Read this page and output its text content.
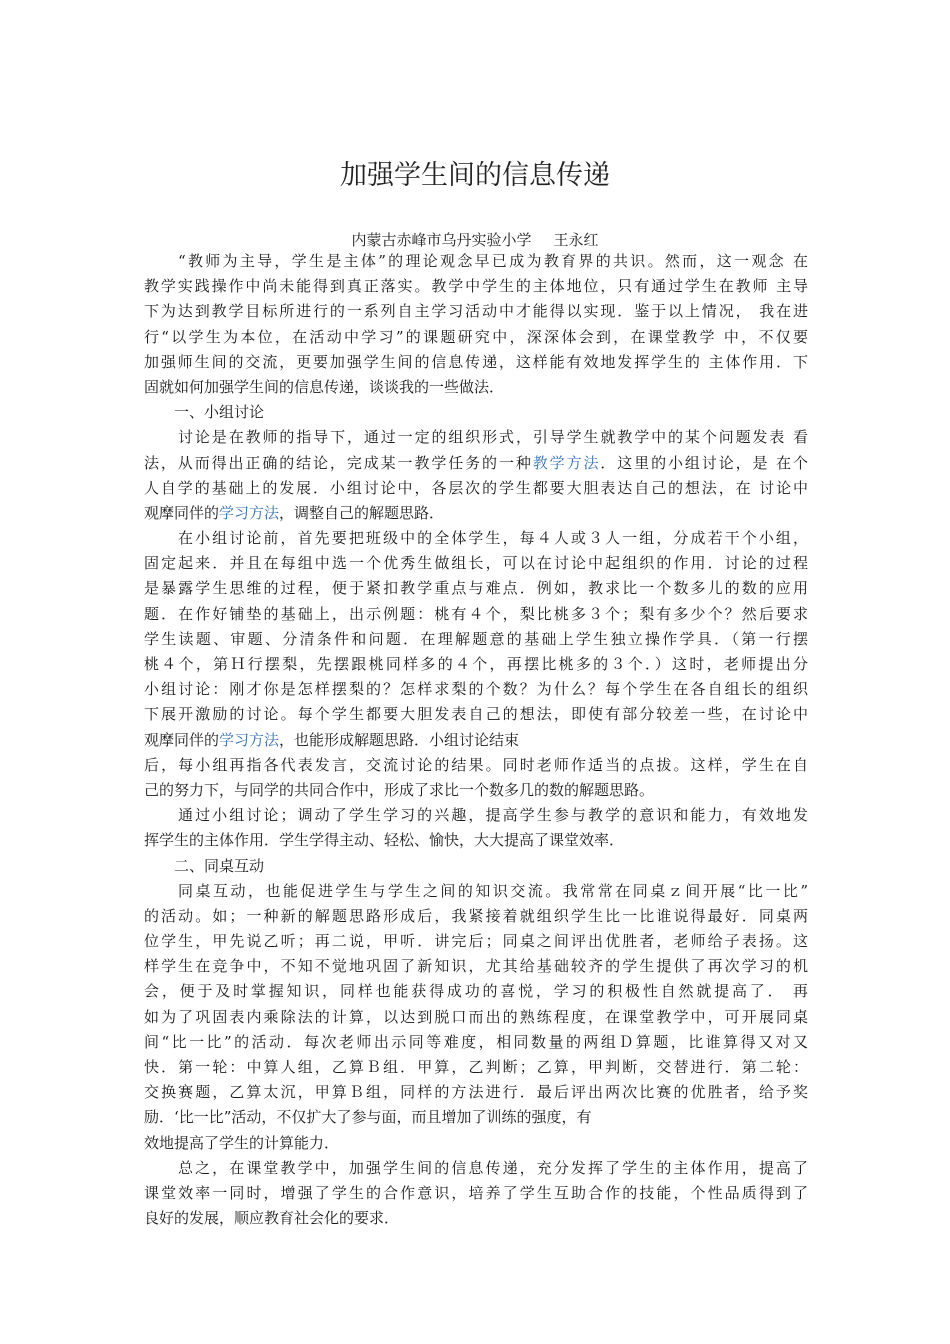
加强学生间的信息传递
内蒙古赤峰市乌丹实验小学 王永红
“教师为主导，学生是主体”的理论观念早已成为教育界的共识。然而，这一观念 在
教学实践操作中尚未能得到真正落实。教学中学生的主体地位，只有通过学生在教师 主导
下为达到教学目标所进行的一系列自主学习活动中才能得以实现．鉴于以上情况， 我在进
行“以学生为本位，在活动中学习”的课题研究中，深深体会到，在课堂教学 中，不仅要
加强师生间的交流，更要加强学生间的信息传递，这样能有效地发挥学生的 主体作用．下
固就如何加强学生间的信息传递，谈谈我的一些做法．
一、小组讨论
讨论是在教师的指导下，通过一定的组织形式，引导学生就教学中的某个问题发表 看
法，从而得出正确的结论，完成某一教学任务的一种教学方法．这里的小组讨论，是 在个
人自学的基础上的发展．小组讨论中，各层次的学生都要大胆表达自己的想法，在 讨论中
观摩同伴的学习方法，调整自己的解题思路．
在小组讨论前，首先要把班级中的全体学生，每４人或３人一组，分成若干个小组，
固定起来．并且在每组中选一个优秀生做组长，可以在讨论中起组织的作用．讨论的过程
是暴露学生思维的过程，便于紧扣教学重点与难点．例如，教求比一个数多儿的数的应用
题．在作好铺垫的基础上，出示例题：桃有４个，梨比桃多３个；梨有多少个？然后要求
学生读题、审题、分清条件和问题．在理解题意的基础上学生独立操作学具．（第一行摆
桃４个，第Ｈ行摆梨，先摆跟桃同样多的４个，再摆比桃多的３个．）这时，老师提出分
小组讨论：刚才你是怎样摆梨的？怎样求梨的个数？为什么？每个学生在各自组长的组织
下展开激励的讨论。每个学生都要大胆发表自己的想法，即使有部分较差一些，在讨论中
观摩同伴的学习方法，也能形成解题思路．小组讨论结束
后，每小组再指各代表发言，交流讨论的结果。同时老师作适当的点拔。这样，学生在自
己的努力下，与同学的共同合作中，形成了求比一个数多几的数的解题思路。
通过小组讨论；调动了学生学习的兴趣，提高学生参与教学的意识和能力，有效地发
挥学生的主体作用．学生学得主动、轻松、愉快，大大提高了课堂效率．
二、同桌互动
同桌互动，也能促进学生与学生之间的知识交流。我常常在同桌ｚ间开展“比一比”
的活动。如；一种新的解题思路形成后，我紧接着就组织学生比一比谁说得最好．同桌两
位学生，甲先说乙听；再二说，甲听．讲完后；同桌之间评出优胜者，老师给子表扬。这
样学生在竞争中，不知不觉地巩固了新知识，尤其给基础较齐的学生提供了再次学习的机
会，便于及时掌握知识，同样也能获得成功的喜悦，学习的积极性自然就提高了． 再
如为了巩固表内乘除法的计算，以达到脱口而出的熟练程度，在课堂教学中，可开展同桌
间“比一比”的活动．每次老师出示同等难度，相同数量的两组Ｄ算题，比谁算得又对又
快．第一轮：中算人组，乙算Ｂ组．甲算，乙判断；乙算，甲判断，交替进行．第二轮：
交换赛题，乙算太沉，甲算Ｂ组，同样的方法进行．最后评出两次比赛的优胜者，给予奖
励．‘比一比”活动，不仅扩大了参与面，而且增加了训练的强度，有
效地提高了学生的计算能力．
总之，在课堂教学中，加强学生间的信息传递，充分发挥了学生的主体作用，提高了
课堂效率一同时，增强了学生的合作意识，培养了学生互助合作的技能，个性品质得到了
良好的发展，顺应教育社会化的要求．
